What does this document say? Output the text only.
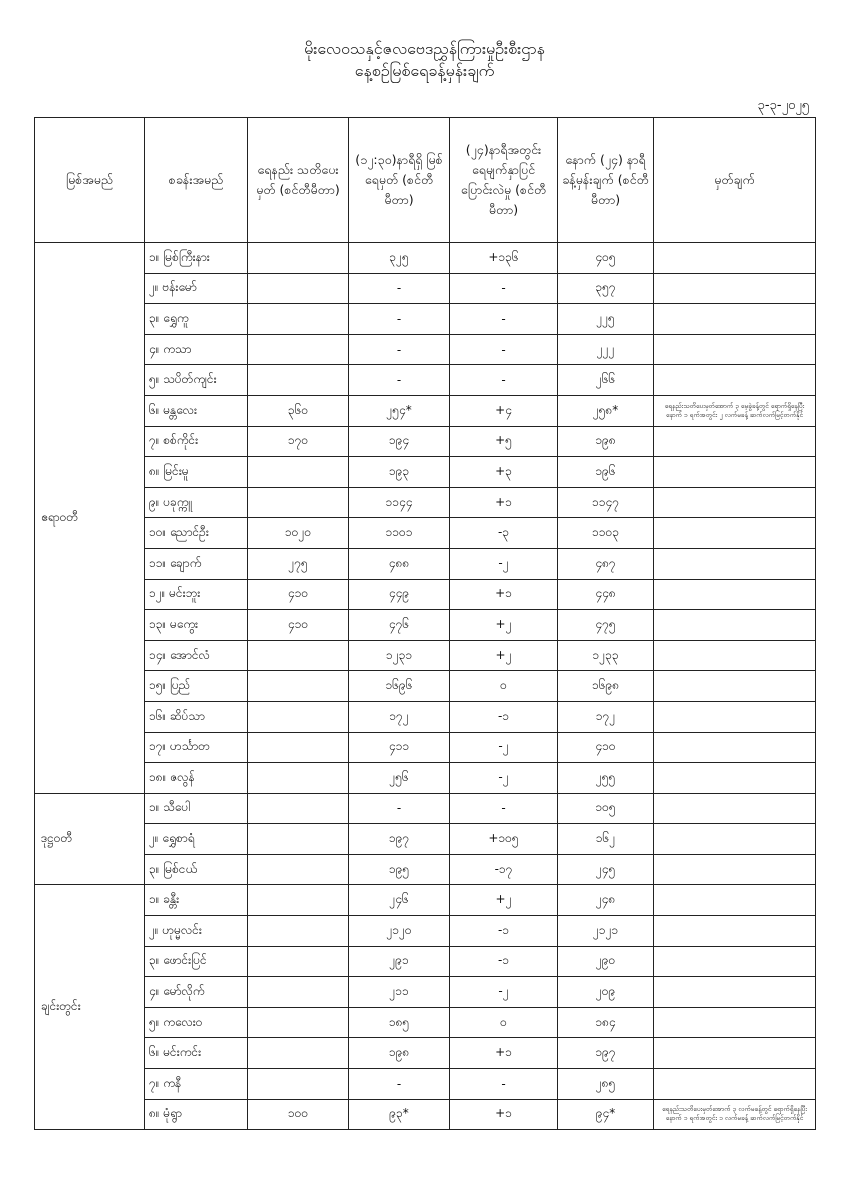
မိုးလေဝသနှင့်ဇလဗေဒညွှန်ကြားမှုဦးစီးဌာန
နေ့စဉ်မြစ်ရေခန့်မှန်းချက်
၃-၃-၂၀၂၅
မြစ်အမည်	စခန်းအမည်	ရေနည်း သတိပေးမှတ် (စင်တီမီတာ)	(၁၂:၃၀)နာရီရှိ မြစ်ရေမှတ် (စင်တီမီတာ)	(၂၄)နာရီအတွင်း ရေမျက်နှာပြင် ပြောင်းလဲမှု (စင်တီမီတာ)	နောက် (၂၄) နာရီ ခန့်မှန်းချက် (စင်တီမီတာ)	မှတ်ချက်
ဧရာဝတီ	၁။ မြစ်ကြီးနား		၃၂၅	+၁၃၆	၄၀၅	
	၂။ ဗန်းမော်		-	-	၃၅၇	
	၃။ ရွှေကူ		-	-	၂၂၅	
	၄။ ကသာ		-	-	၂၂၂	
	၅။ သပိတ်ကျင်း		-	-	၂၆၆	
	၆။ မန္တလေး	၃၆၀	၂၅၄*	+၄	၂၅၈*	ရေနည်းသတိပေးမှတ်အောက် ၃ မေ့ခွဲခန့်တွင် ရောက်ရှိနေပြီး နောက် ၁ ရက်အတွင်း ၂ လက်မခန့် ဆက်လက်မြင့်တက်နိုင်
	၇။ စစ်ကိုင်း	၁၇၀	၁၉၄	+၅	၁၉၈	
	၈။ မြင်းမူ		၁၉၃	+၃	၁၉၆	
	၉။ ပခုက္ကူ		၁၁၄၄	+၁	၁၁၄၇	
	၁၀။ ညောင်ဦး	၁၀၂၀	၁၁၀၁	-၃	၁၁၀၃	
	၁၁။ ချောက်	၂၇၅	၄၈၈	-၂	၄၈၇	
	၁၂။ မင်းဘူး	၄၁၀	၄၄၉	+၁	၄၄၈	
	၁၃။ မကွေး	၄၁၀	၄၇၆	+၂	၄၇၅	
	၁၄။ အောင်လံ		၁၂၃၁	+၂	၁၂၃၃	
	၁၅။ ပြည်		၁၆၉၆	၀	၁၆၉၈	
	၁၆။ ဆိပ်သာ		၁၇၂	-၁	၁၇၂	
	၁၇။ ဟင်္သာတ		၄၁၁	-၂	၄၁၀	
	၁၈။ ဇလွန်		၂၅၆	-၂	၂၅၅	
ဒုဋ္ဌဝတီ	၁။ သီပေါ		-	-	၁၀၅	
	၂။ ရွှေစာရံ		၁၉၇	+၁၀၅	၁၆၂	
	၃။ မြစ်ငယ်		၁၉၅	-၁၇	၂၄၅	
ချင်းတွင်း	၁။ ခန္တီး		၂၄၆	+၂	၂၄၈	
	၂။ ဟုမ္မလင်း		၂၁၂၀	-၁	၂၁၂၁	
	၃။ ဖောင်းပြင်		၂၉၁	-၁	၂၉၀	
	၄။ မော်လိုက်		၂၁၁	-၂	၂၀၉	
	၅။ ကလေးဝ		၁၈၅	၀	၁၈၄	
	၆။ မင်းကင်း		၁၉၈	+၁	၁၉၇	
	၇။ ကနီ		-	-	၂၈၅	
	၈။ မုံရွာ	၁၀၀	၉၃*	+၁	၉၄*	ရေနည်းသတိပေးမှတ်အောက် ၃ လက်မခန့်တွင် ရောက်ရှိနေပြီး နောက် ၁ ရက်အတွင်း ၁ လက်မခန့် ဆက်လက်မြင့်တက်နိုင်
